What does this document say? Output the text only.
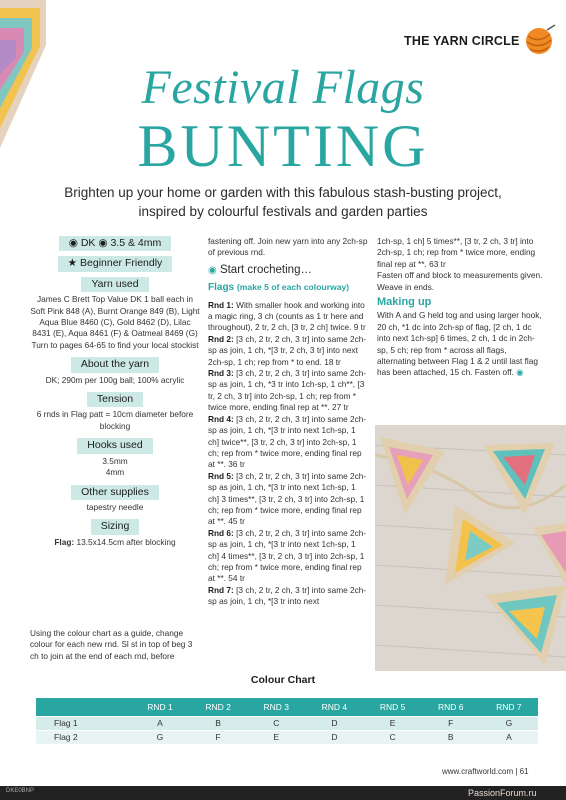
THE YARN CIRCLE
Festival Flags
BUNTING
Brighten up your home or garden with this fabulous stash-busting project, inspired by colourful festivals and garden parties
◉ DK ◉ 3.5 & 4mm
★ Beginner Friendly
Yarn used
James C Brett Top Value DK 1 ball each in Soft Pink 848 (A), Burnt Orange 849 (B), Light Aqua Blue 8460 (C), Gold 8462 (D), Lilac 8431 (E), Aqua 8461 (F) & Oatmeal 8469 (G) Turn to pages 64-65 to find your local stockist
About the yarn
DK; 290m per 100g ball; 100% acrylic
Tension
6 rnds in Flag patt = 10cm diameter before blocking
Hooks used
3.5mm
4mm
Other supplies
tapestry needle
Sizing
Flag: 13.5x14.5cm after blocking
Using the colour chart as a guide, change colour for each new rnd. Sl st in top of beg 3 ch to join at the end of each rnd, before
fastening off. Join new yarn into any 2ch-sp of previous rnd.
◉ Start crocheting…
Flags (make 5 of each colourway)
Rnd 1: With smaller hook and working into a magic ring, 3 ch (counts as 1 tr here and throughout), 2 tr, 2 ch, [3 tr, 2 ch] twice. 9 tr
Rnd 2: [3 ch, 2 tr, 2 ch, 3 tr] into same 2ch-sp as join, 1 ch, *[3 tr, 2 ch, 3 tr] into next 2ch-sp, 1 ch; rep from * to end. 18 tr
Rnd 3: [3 ch, 2 tr, 2 ch, 3 tr] into same 2ch-sp as join, 1 ch, *3 tr into 1ch-sp, 1 ch**, [3 tr, 2 ch, 3 tr] into 2ch-sp, 1 ch; rep from * twice more, ending final rep at **. 27 tr
Rnd 4: [3 ch, 2 tr, 2 ch, 3 tr] into same 2ch-sp as join, 1 ch, *[3 tr into next 1ch-sp, 1 ch] twice**, [3 tr, 2 ch, 3 tr] into 2ch-sp, 1 ch; rep from * twice more, ending final rep at **. 36 tr
Rnd 5: [3 ch, 2 tr, 2 ch, 3 tr] into same 2ch-sp as join, 1 ch, *[3 tr into next 1ch-sp, 1 ch] 3 times**, [3 tr, 2 ch, 3 tr] into 2ch-sp, 1 ch; rep from * twice more, ending final rep at **. 45 tr
Rnd 6: [3 ch, 2 tr, 2 ch, 3 tr] into same 2ch-sp as join, 1 ch, *[3 tr into next 1ch-sp, 1 ch] 4 times**, [3 tr, 2 ch, 3 tr] into 2ch-sp, 1 ch; rep from * twice more, ending final rep at **. 54 tr
Rnd 7: [3 ch, 2 tr, 2 ch, 3 tr] into same 2ch-sp as join, 1 ch, *[3 tr into next
1ch-sp, 1 ch] 5 times**, [3 tr, 2 ch, 3 tr] into 2ch-sp, 1 ch; rep from * twice more, ending final rep at **. 63 tr
Fasten off and block to measurements given. Weave in ends.
Making up
With A and G held tog and using larger hook, 20 ch, *1 dc into 2ch-sp of flag, [2 ch, 1 dc into next 1ch-sp] 6 times, 2 ch, 1 dc in 2ch-sp, 5 ch; rep from * across all flags, alternating between Flag 1 & 2 until last flag has been attached, 15 ch. Fasten off. ◉
Colour Chart
	RND 1	RND 2	RND 3	RND 4	RND 5	RND 6	RND 7
Flag 1	A	B	C	D	E	F	G
Flag 2	G	F	E	D	C	B	A
www.craftworld.com | 61
DKE0BNP	PassionForum.ru
